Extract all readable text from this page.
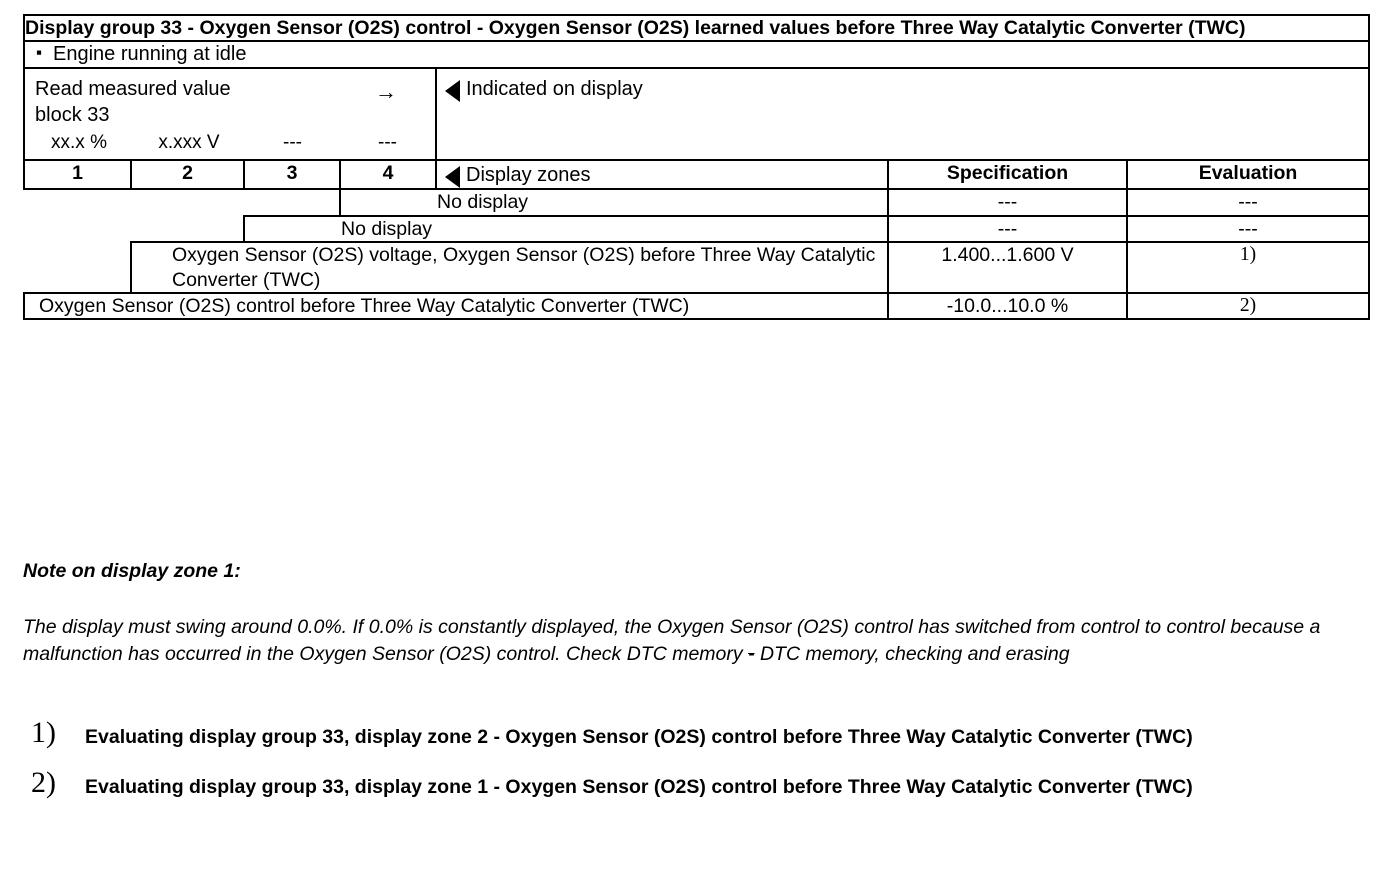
Display group 33 - Oxygen Sensor (O2S) control - Oxygen Sensor (O2S) learned values before Three Way Catalytic Converter (TWC)						

▪ Engine running at idle						

Read measured value
block 33
→
xx.x %	x.xxx V	---	---

Indicated on display

1	2	3	4	Display zones	Specification	Evaluation
			No display		---	---
		No display			---	---
	Oxygen Sensor (O2S) voltage, Oxygen Sensor (O2S) before Three Way Catalytic Converter (TWC)				1.400...1.600 V	1)
Oxygen Sensor (O2S) control before Three Way Catalytic Converter (TWC)					-10.0...10.0 %	2)
Note on display zone 1:
The display must swing around 0.0%. If 0.0% is constantly displayed, the Oxygen Sensor (O2S) control has switched from control to control because a malfunction has occurred in the Oxygen Sensor (O2S) control. Check DTC memory - DTC memory, checking and erasing
1)	Evaluating display group 33, display zone 2 - Oxygen Sensor (O2S) control before Three Way Catalytic Converter (TWC)
2)	Evaluating display group 33, display zone 1 - Oxygen Sensor (O2S) control before Three Way Catalytic Converter (TWC)
